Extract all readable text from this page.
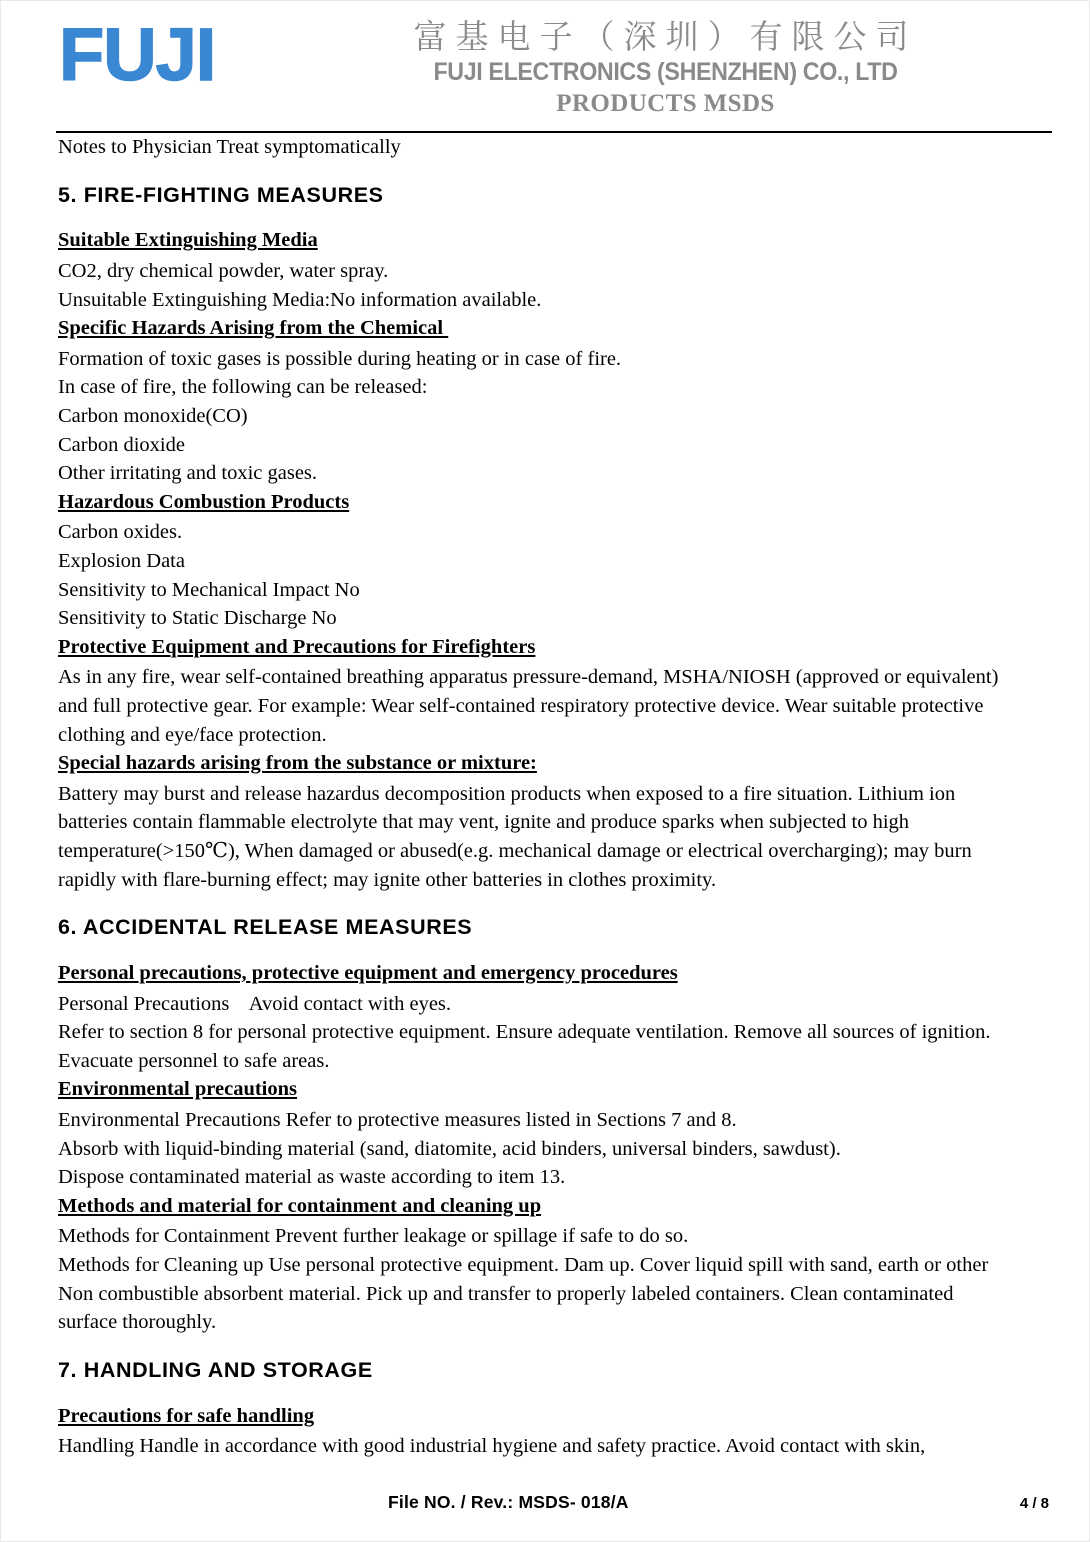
FUJI	富基电子（深圳）有限公司
FUJI ELECTRONICS (SHENZHEN) CO., LTD
PRODUCTS MSDS
Notes to Physician Treat symptomatically
5. FIRE-FIGHTING MEASURES
Suitable Extinguishing Media
CO2, dry chemical powder, water spray.
Unsuitable Extinguishing Media:No information available.
Specific Hazards Arising from the Chemical
Formation of toxic gases is possible during heating or in case of fire.
In case of fire, the following can be released:
Carbon monoxide(CO)
Carbon dioxide
Other irritating and toxic gases.
Hazardous Combustion Products
Carbon oxides.
Explosion Data
Sensitivity to Mechanical Impact No
Sensitivity to Static Discharge No
Protective Equipment and Precautions for Firefighters
As in any fire, wear self-contained breathing apparatus pressure-demand, MSHA/NIOSH (approved or equivalent) and full protective gear. For example: Wear self-contained respiratory protective device. Wear suitable protective clothing and eye/face protection.
Special hazards arising from the substance or mixture:
Battery may burst and release hazardus decomposition products when exposed to a fire situation. Lithium ion batteries contain flammable electrolyte that may vent, ignite and produce sparks when subjected to high temperature(>150℃), When damaged or abused(e.g. mechanical damage or electrical overcharging); may burn rapidly with flare-burning effect; may ignite other batteries in clothes proximity.
6. ACCIDENTAL RELEASE MEASURES
Personal precautions, protective equipment and emergency procedures
Personal Precautions    Avoid contact with eyes.
Refer to section 8 for personal protective equipment. Ensure adequate ventilation. Remove all sources of ignition.
Evacuate personnel to safe areas.
Environmental precautions
Environmental Precautions Refer to protective measures listed in Sections 7 and 8.
Absorb with liquid-binding material (sand, diatomite, acid binders, universal binders, sawdust).
Dispose contaminated material as waste according to item 13.
Methods and material for containment and cleaning up
Methods for Containment Prevent further leakage or spillage if safe to do so.
Methods for Cleaning up Use personal protective equipment. Dam up. Cover liquid spill with sand, earth or other Non combustible absorbent material. Pick up and transfer to properly labeled containers. Clean contaminated surface thoroughly.
7. HANDLING AND STORAGE
Precautions for safe handling
Handling Handle in accordance with good industrial hygiene and safety practice. Avoid contact with skin,
File NO. / Rev.: MSDS- 018/A	4 / 8
